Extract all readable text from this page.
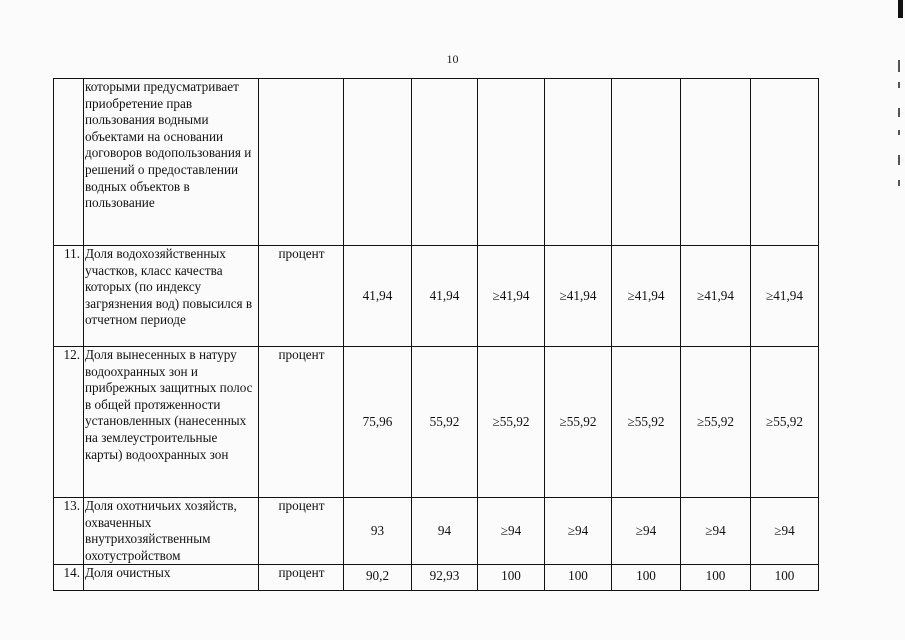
10
	которыми предусматривает приобретение прав пользования водными объектами на основании договоров водопользования и решений о предоставлении водных объектов в пользование								
11.	Доля водохозяйственных участков, класс качества которых (по индексу загрязнения вод) повысился в отчетном периоде	процент	41,94	41,94	≥41,94	≥41,94	≥41,94	≥41,94	≥41,94
12.	Доля вынесенных в натуру водоохранных зон и прибрежных защитных полос в общей протяженности установленных (нанесенных на землеустроительные карты) водоохранных зон	процент	75,96	55,92	≥55,92	≥55,92	≥55,92	≥55,92	≥55,92
13.	Доля охотничьих хозяйств, охваченных внутрихозяйственным охотустройством	процент	93	94	≥94	≥94	≥94	≥94	≥94
14.	Доля очистных	процент	90,2	92,93	100	100	100	100	100
